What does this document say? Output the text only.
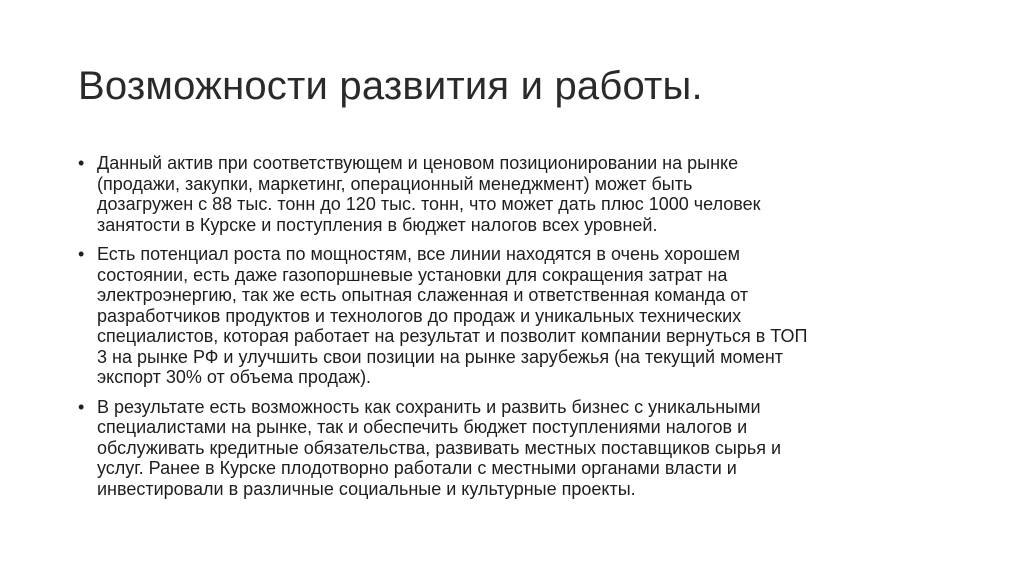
Возможности развития и работы.
• Данный актив при соответствующем и ценовом позиционировании на рынке
(продажи, закупки, маркетинг, операционный менеджмент) может быть
дозагружен с 88 тыс. тонн до 120 тыс. тонн, что может дать плюс 1000 человек
занятости в Курске и поступления в бюджет налогов всех уровней.
• Есть потенциал роста по мощностям, все линии находятся в очень хорошем
состоянии, есть даже газопоршневые установки для сокращения затрат на
электроэнергию, так же есть опытная слаженная и ответственная команда от
разработчиков продуктов и технологов до продаж и уникальных технических
специалистов, которая работает на результат и позволит компании вернуться в ТОП
3 на рынке РФ и улучшить свои позиции на рынке зарубежья (на текущий момент
экспорт 30% от объема продаж).
• В результате есть возможность как сохранить и развить бизнес с уникальными
специалистами на рынке, так и обеспечить бюджет поступлениями налогов и
обслуживать кредитные обязательства, развивать местных поставщиков сырья и
услуг. Ранее в Курске плодотворно работали с местными органами власти и
инвестировали в различные социальные и культурные проекты.
